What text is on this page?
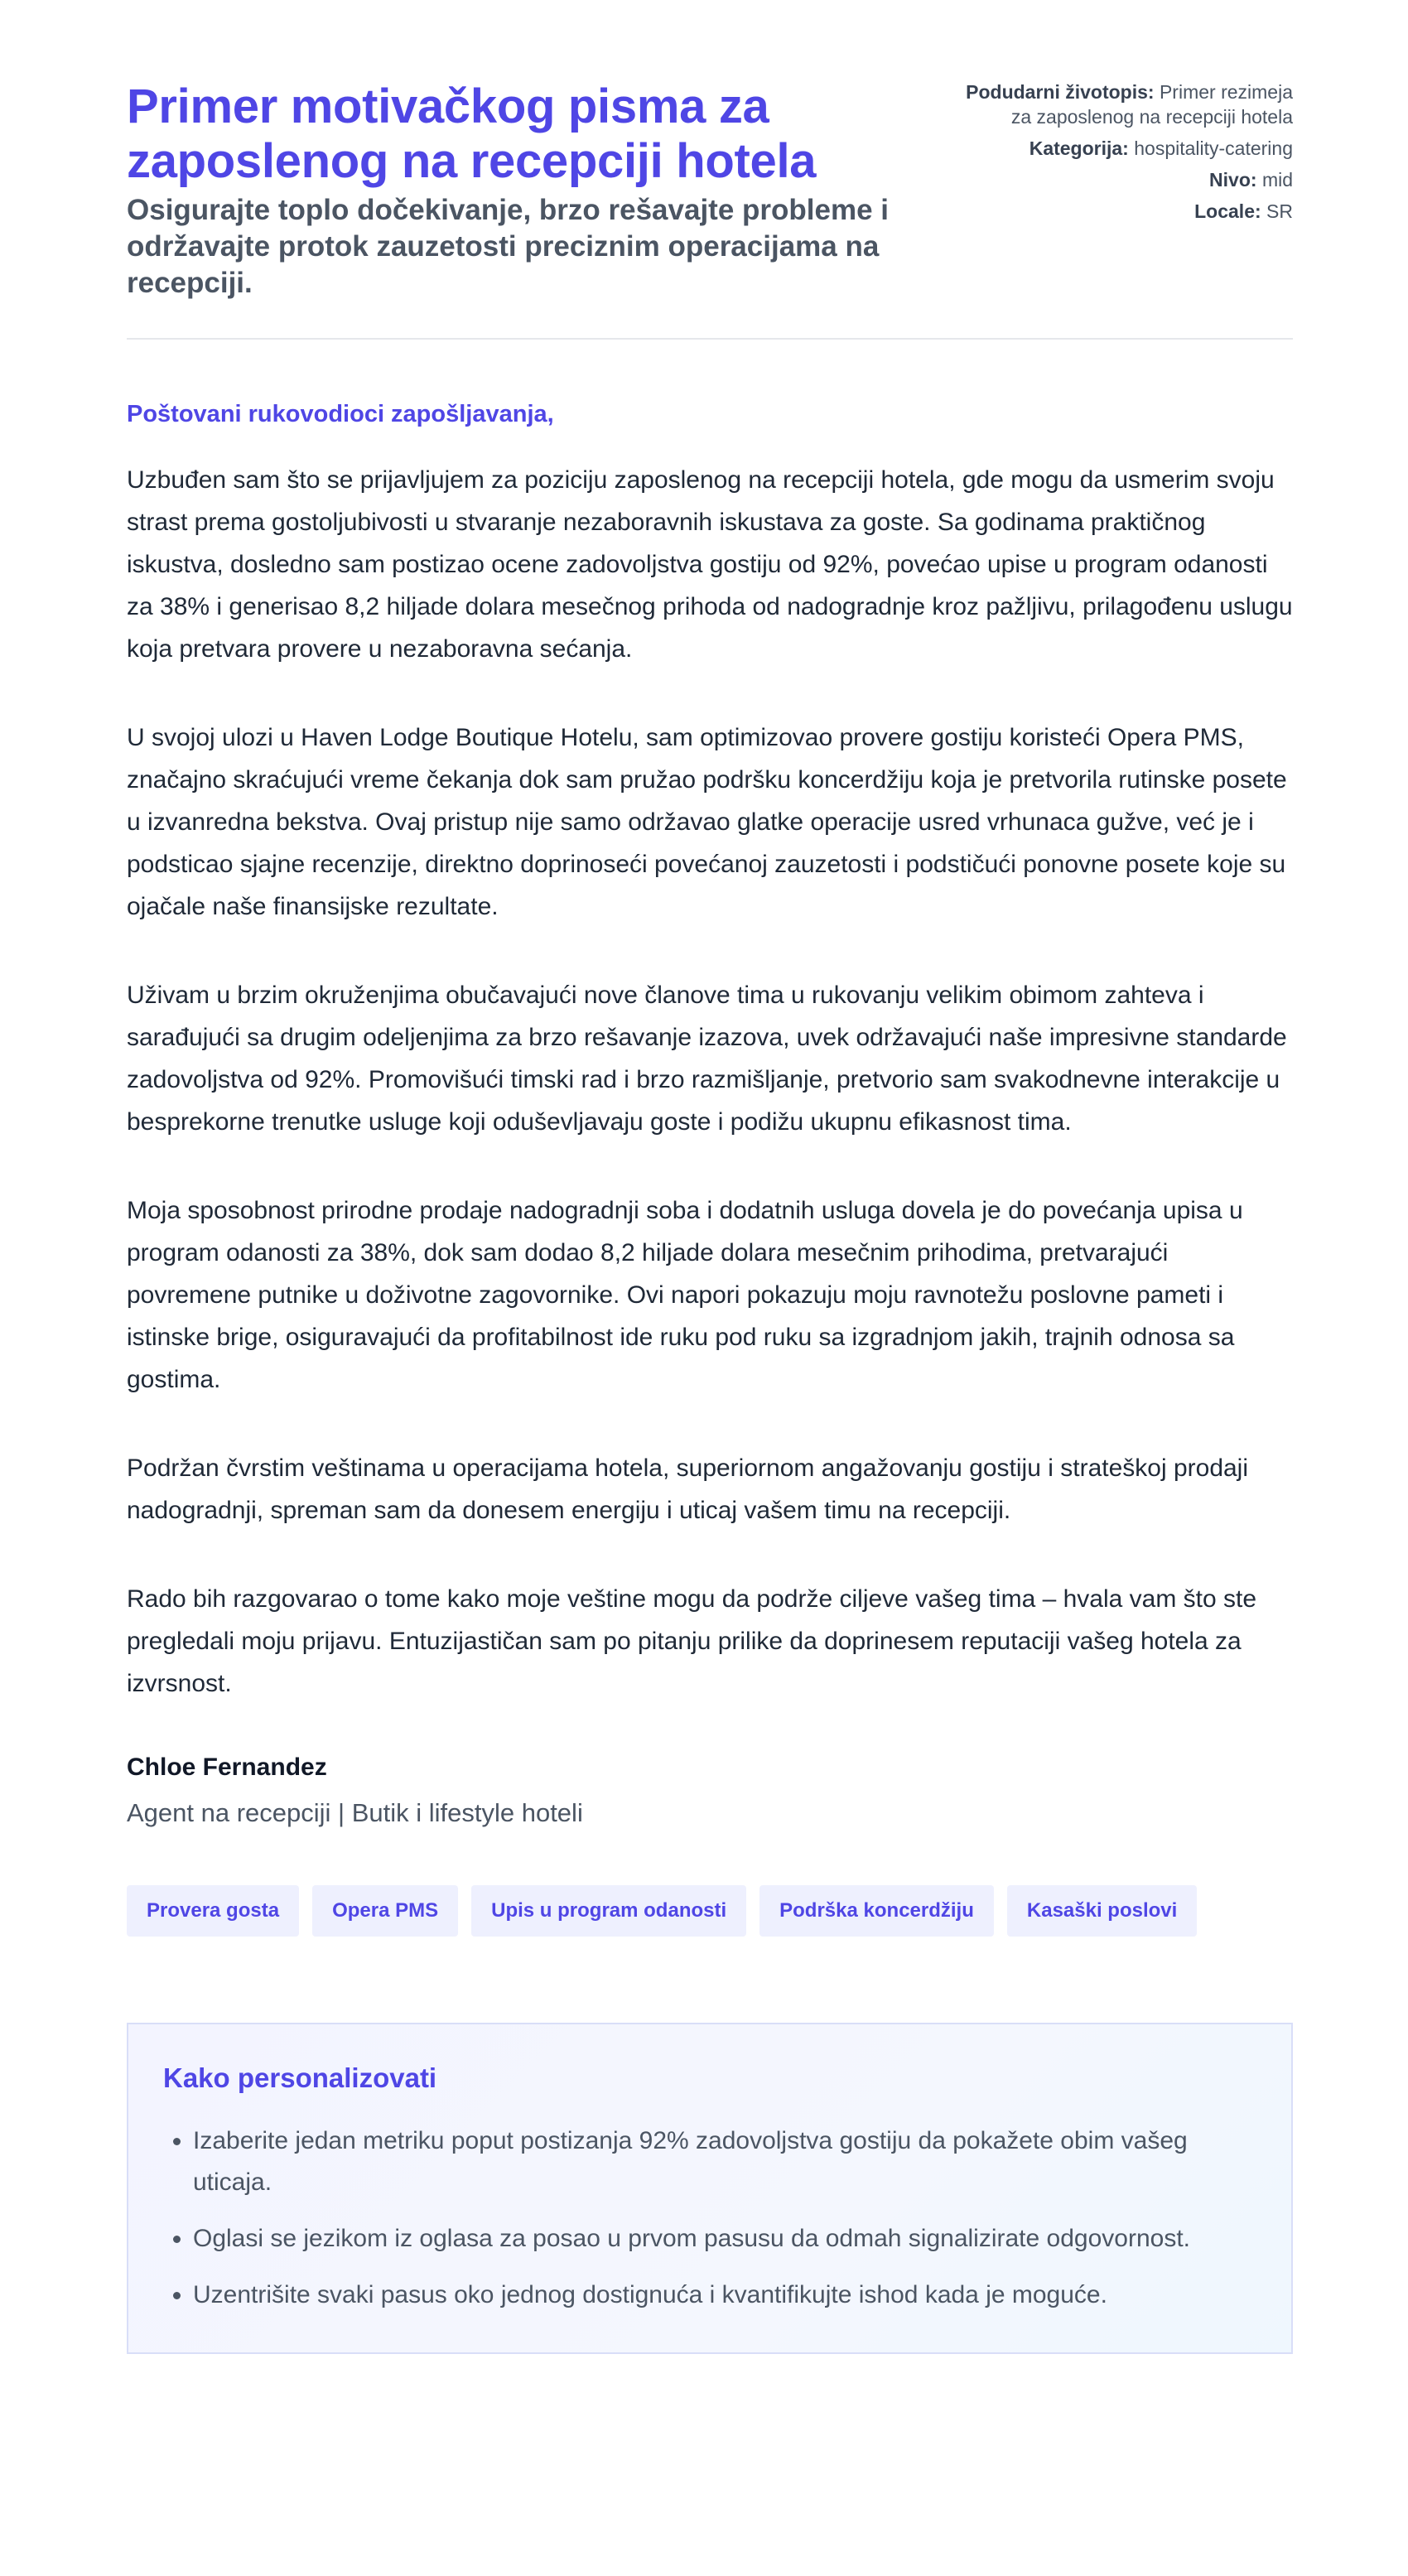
Primer motivačkog pisma za zaposlenog na recepciji hotela
Osigurajte toplo dočekivanje, brzo rešavajte probleme i održavajte protok zauzetosti preciznim operacijama na recepciji.
Podudarni životopis: Primer rezimeja za zaposlenog na recepciji hotela
Kategorija: hospitality-catering
Nivo: mid
Locale: SR

Poštovani rukovodioci zapošljavanja,

Uzbuđen sam što se prijavljujem za poziciju zaposlenog na recepciji hotela, gde mogu da usmerim svoju strast prema gostoljubivosti u stvaranje nezaboravnih iskustava za goste. Sa godinama praktičnog iskustva, dosledno sam postizao ocene zadovoljstva gostiju od 92%, povećao upise u program odanosti za 38% i generisao 8,2 hiljade dolara mesečnog prihoda od nadogradnje kroz pažljivu, prilagođenu uslugu koja pretvara provere u nezaboravna sećanja.

U svojoj ulozi u Haven Lodge Boutique Hotelu, sam optimizovao provere gostiju koristeći Opera PMS, značajno skraćujući vreme čekanja dok sam pružao podršku koncerdžiju koja je pretvorila rutinske posete u izvanredna bekstva. Ovaj pristup nije samo održavao glatke operacije usred vrhunaca gužve, već je i podsticao sjajne recenzije, direktno doprinoseći povećanoj zauzetosti i podstičući ponovne posete koje su ojačale naše finansijske rezultate.

Uživam u brzim okruženjima obučavajući nove članove tima u rukovanju velikim obimom zahteva i sarađujući sa drugim odeljenjima za brzo rešavanje izazova, uvek održavajući naše impresivne standarde zadovoljstva od 92%. Promovišući timski rad i brzo razmišljanje, pretvorio sam svakodnevne interakcije u besprekorne trenutke usluge koji oduševljavaju goste i podižu ukupnu efikasnost tima.

Moja sposobnost prirodne prodaje nadogradnji soba i dodatnih usluga dovela je do povećanja upisa u program odanosti za 38%, dok sam dodao 8,2 hiljade dolara mesečnim prihodima, pretvarajući povremene putnike u doživotne zagovornike. Ovi napori pokazuju moju ravnotežu poslovne pameti i istinske brige, osiguravajući da profitabilnost ide ruku pod ruku sa izgradnjom jakih, trajnih odnosa sa gostima.

Podržan čvrstim veštinama u operacijama hotela, superiornom angažovanju gostiju i strateškoj prodaji nadogradnji, spreman sam da donesem energiju i uticaj vašem timu na recepciji.

Rado bih razgovarao o tome kako moje veštine mogu da podrže ciljeve vašeg tima – hvala vam što ste pregledali moju prijavu. Entuzijastičan sam po pitanju prilike da doprinesem reputaciji vašeg hotela za izvrsnost.

Chloe Fernandez

Agent na recepciji | Butik i lifestyle hoteli

Provera gosta	Opera PMS	Upis u program odanosti	Podrška koncerdžiju	Kasaški poslovi
Kako personalizovati
• Izaberite jedan metriku poput postizanja 92% zadovoljstva gostiju da pokažete obim vašeg uticaja.
• Oglasi se jezikom iz oglasa za posao u prvom pasusu da odmah signalizirate odgovornost.
• Uzentrišite svaki pasus oko jednog dostignuća i kvantifikujte ishod kada je moguće.
